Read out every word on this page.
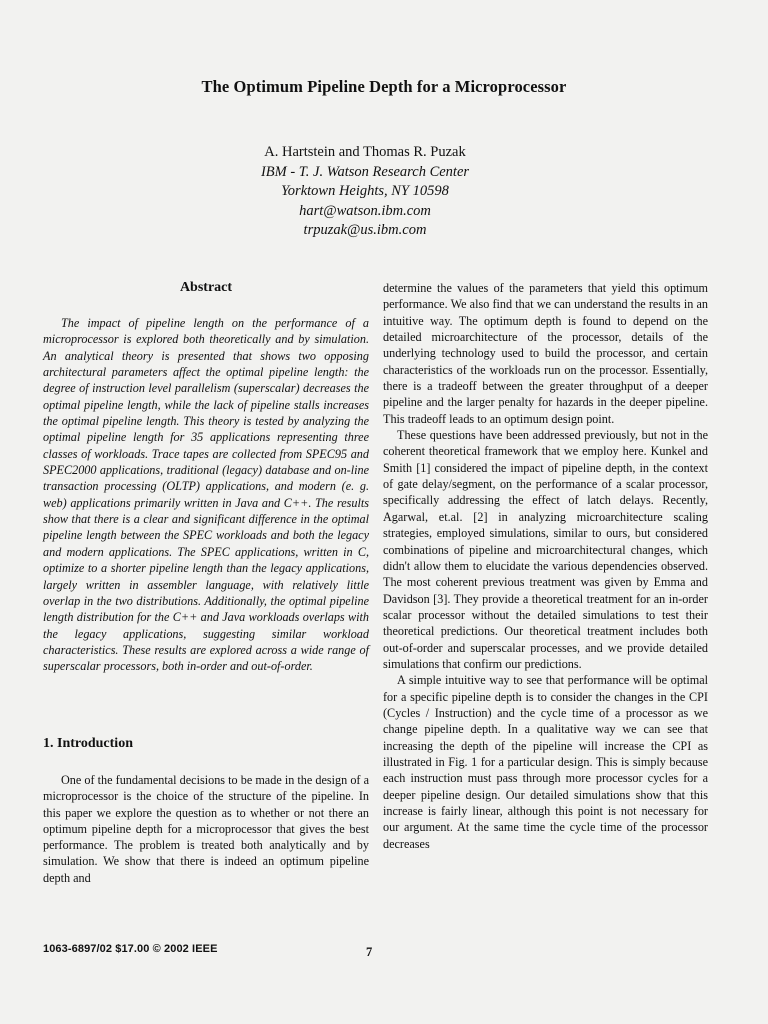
The Optimum Pipeline Depth for a Microprocessor
A. Hartstein and Thomas R. Puzak
IBM - T. J. Watson Research Center
Yorktown Heights, NY 10598
hart@watson.ibm.com
trpuzak@us.ibm.com
Abstract
The impact of pipeline length on the performance of a microprocessor is explored both theoretically and by simulation. An analytical theory is presented that shows two opposing architectural parameters affect the optimal pipeline length: the degree of instruction level parallelism (superscalar) decreases the optimal pipeline length, while the lack of pipeline stalls increases the optimal pipeline length. This theory is tested by analyzing the optimal pipeline length for 35 applications representing three classes of workloads. Trace tapes are collected from SPEC95 and SPEC2000 applications, traditional (legacy) database and on-line transaction processing (OLTP) applications, and modern (e. g. web) applications primarily written in Java and C++. The results show that there is a clear and significant difference in the optimal pipeline length between the SPEC workloads and both the legacy and modern applications. The SPEC applications, written in C, optimize to a shorter pipeline length than the legacy applications, largely written in assembler language, with relatively little overlap in the two distributions. Additionally, the optimal pipeline length distribution for the C++ and Java workloads overlaps with the legacy applications, suggesting similar workload characteristics. These results are explored across a wide range of superscalar processors, both in-order and out-of-order.
1. Introduction
One of the fundamental decisions to be made in the design of a microprocessor is the choice of the structure of the pipeline. In this paper we explore the question as to whether or not there an optimum pipeline depth for a microprocessor that gives the best performance. The problem is treated both analytically and by simulation. We show that there is indeed an optimum pipeline depth and

determine the values of the parameters that yield this optimum performance. We also find that we can understand the results in an intuitive way. The optimum depth is found to depend on the detailed microarchitecture of the processor, details of the underlying technology used to build the processor, and certain characteristics of the workloads run on the processor. Essentially, there is a tradeoff between the greater throughput of a deeper pipeline and the larger penalty for hazards in the deeper pipeline. This tradeoff leads to an optimum design point.

These questions have been addressed previously, but not in the coherent theoretical framework that we employ here. Kunkel and Smith [1] considered the impact of pipeline depth, in the context of gate delay/segment, on the performance of a scalar processor, specifically addressing the effect of latch delays. Recently, Agarwal, et.al. [2] in analyzing microarchitecture scaling strategies, employed simulations, similar to ours, but considered combinations of pipeline and microarchitectural changes, which didn't allow them to elucidate the various dependencies observed. The most coherent previous treatment was given by Emma and Davidson [3]. They provide a theoretical treatment for an in-order scalar processor without the detailed simulations to test their theoretical predictions. Our theoretical treatment includes both out-of-order and superscalar processes, and we provide detailed simulations that confirm our predictions.

A simple intuitive way to see that performance will be optimal for a specific pipeline depth is to consider the changes in the CPI (Cycles / Instruction) and the cycle time of a processor as we change pipeline depth. In a qualitative way we can see that increasing the depth of the pipeline will increase the CPI as illustrated in Fig. 1 for a particular design. This is simply because each instruction must pass through more processor cycles for a deeper pipeline design. Our detailed simulations show that this increase is fairly linear, although this point is not necessary for our argument. At the same time the cycle time of the processor decreases

1063-6897/02 $17.00 © 2002 IEEE	7
